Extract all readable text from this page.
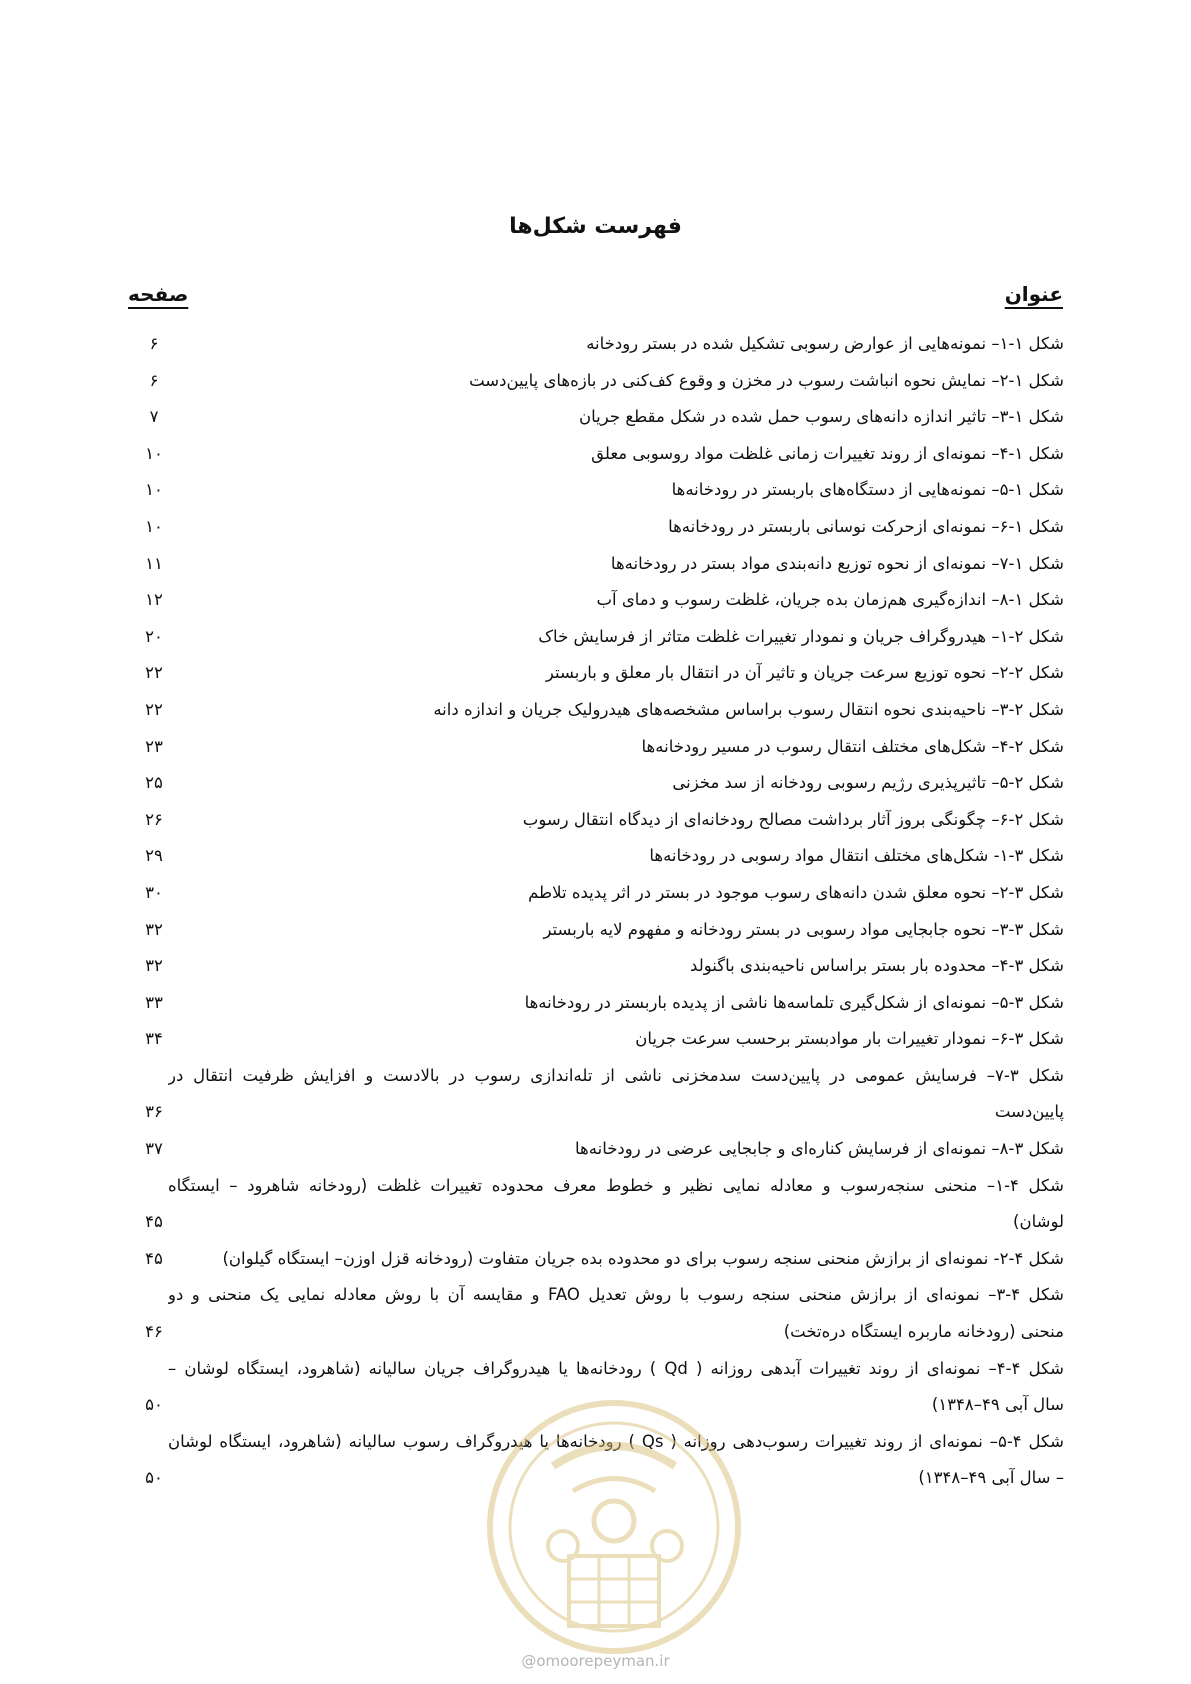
فهرست شکل‌ها
عنوان
صفحه
شکل ۱-۱– نمونه‌هایی از عوارض رسوبی تشکیل شده در بستر رودخانه
۶
شکل ۱-۲– نمایش نحوه انباشت رسوب در مخزن و وقوع کف‌کنی در بازه‌های پایین‌دست
۶
شکل ۱-۳– تاثیر اندازه دانه‌های رسوب حمل شده در شکل مقطع جریان
۷
شکل ۱-۴– نمونه‌ای از روند تغییرات زمانی غلظت مواد روسوبی معلق
۱۰
شکل ۱-۵– نمونه‌هایی از دستگاه‌های باربستر در رودخانه‌ها
۱۰
شکل ۱-۶– نمونه‌ای ازحرکت نوسانی باربستر در رودخانه‌ها
۱۰
شکل ۱-۷– نمونه‌ای از نحوه توزیع دانه‌بندی مواد بستر در رودخانه‌ها
۱۱
شکل ۱-۸– اندازه‌گیری هم‌زمان بده جریان، غلظت رسوب و دمای آب
۱۲
شکل ۲-۱– هیدروگراف جریان و نمودار تغییرات غلظت متاثر از فرسایش خاک
۲۰
شکل ۲-۲– نحوه توزیع سرعت جریان و تاثیر آن در انتقال بار معلق و باربستر
۲۲
شکل ۲-۳– ناحیه‌بندی نحوه انتقال رسوب براساس مشخصه‌های هیدرولیک جریان و اندازه دانه
۲۲
شکل ۲-۴– شکل‌های مختلف انتقال رسوب در مسیر رودخانه‌ها
۲۳
شکل ۲-۵– تاثیرپذیری رژیم رسوبی رودخانه از سد مخزنی
۲۵
شکل ۲-۶– چگونگی بروز آثار برداشت مصالح رودخانه‌ای از دیدگاه انتقال رسوب
۲۶
شکل ۳-۱- شکل‌های مختلف انتقال مواد رسوبی در رودخانه‌ها
۲۹
شکل ۳-۲– نحوه معلق شدن دانه‌های رسوب موجود در بستر در اثر پدیده تلاطم
۳۰
شکل ۳-۳– نحوه جابجایی مواد رسوبی در بستر رودخانه و مفهوم لایه باربستر
۳۲
شکل ۳-۴– محدوده بار بستر براساس ناحیه‌بندی باگنولد
۳۲
شکل ۳-۵– نمونه‌ای از شکل‌گیری تلماسه‌ها ناشی از پدیده باربستر در رودخانه‌ها
۳۳
شکل ۳-۶– نمودار تغییرات بار موادبستر برحسب سرعت جریان
۳۴
شکل ۳-۷– فرسایش عمومی در پایین‌دست سدمخزنی ناشی از تله‌اندازی رسوب در بالادست و افزایش ظرفیت انتقال در
پایین‌دست
۳۶
شکل ۳-۸– نمونه‌ای از فرسایش کناره‌ای و جابجایی عرضی در رودخانه‌ها
۳۷
شکل ۴-۱– منحنی سنجه‌رسوب و معادله نمایی نظیر و خطوط معرف محدوده تغییرات غلظت (رودخانه شاهرود – ایستگاه
لوشان)
۴۵
شکل ۴-۲- نمونه‌ای از برازش منحنی سنجه رسوب برای دو محدوده بده جریان متفاوت (رودخانه قزل اوزن– ایستگاه گیلوان)
۴۵
شکل ۴-۳– نمونه‌ای از برازش منحنی سنجه رسوب با روش تعدیل FAO و مقایسه آن با روش معادله نمایی یک منحنی و دو
منحنی (رودخانه ماربره ایستگاه دره‌تخت)
۴۶
شکل ۴-۴– نمونه‌ای از روند تغییرات آبدهی روزانه ( Qd ) رودخانه‌ها یا هیدروگراف جریان سالیانه (شاهرود، ایستگاه لوشان –
سال آبی ۴۹–۱۳۴۸)
۵۰
شکل ۴-۵– نمونه‌ای از روند تغییرات رسوب‌دهی روزانه ( Qs ) رودخانه‌ها یا هیدروگراف رسوب سالیانه (شاهرود، ایستگاه لوشان
– سال آبی ۴۹–۱۳۴۸)
۵۰
@omoorepeyman.ir
